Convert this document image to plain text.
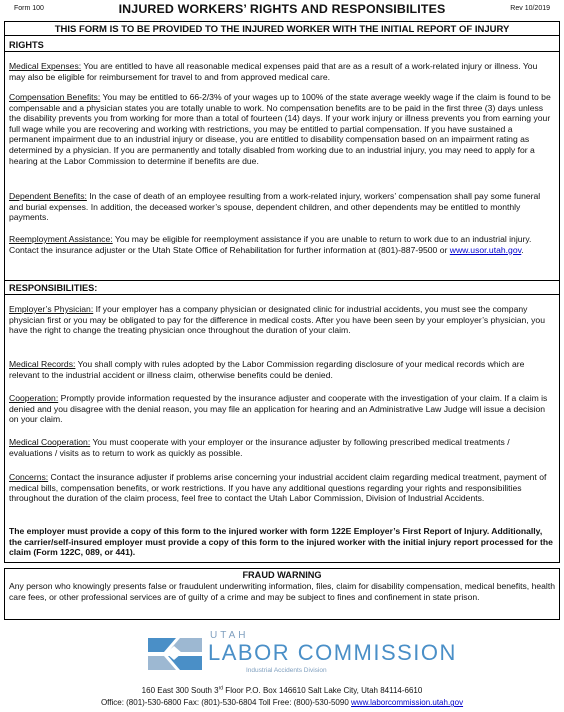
Form 100	INJURED WORKERS’ RIGHTS AND RESPONSIBILITES	Rev 10/2019
THIS FORM IS TO BE PROVIDED TO THE INJURED WORKER WITH THE INITIAL REPORT OF INJURY
RIGHTS

Medical Expenses: You are entitled to have all reasonable medical expenses paid that are as a result of a work-related injury or illness. You may also be eligible for reimbursement for travel to and from approved medical care.

Compensation Benefits: You may be entitled to 66-2/3% of your wages up to 100% of the state average weekly wage if the claim is found to be compensable and a physician states you are totally unable to work. No compensation benefits are to be paid in the first three (3) days unless the disability prevents you from working for more than a total of fourteen (14) days. If your work injury or illness prevents you from earning your full wage while you are recovering and working with restrictions, you may be entitled to partial compensation. If you have sustained a permanent impairment due to an industrial injury or disease, you are entitled to disability compensation based on an impairment rating as determined by a physician. If you are permanently and totally disabled from working due to an industrial injury, you may need to apply for a hearing at the Labor Commission to determine if benefits are due.

Dependent Benefits: In the case of death of an employee resulting from a work-related injury, workers’ compensation shall pay some funeral and burial expenses. In addition, the deceased worker’s spouse, dependent children, and other dependents may be entitled to monthly payments.

Reemployment Assistance: You may be eligible for reemployment assistance if you are unable to return to work due to an industrial injury. Contact the insurance adjuster or the Utah State Office of Rehabilitation for further information at (801)-887-9500 or www.usor.utah.gov.

RESPONSIBILITIES:

Employer’s Physician: If your employer has a company physician or designated clinic for industrial accidents, you must see the company physician first or you may be obligated to pay for the difference in medical costs. After you have been seen by your employer’s physician, you have the right to change the treating physician once throughout the duration of your claim.

Medical Records: You shall comply with rules adopted by the Labor Commission regarding disclosure of your medical records which are relevant to the industrial accident or illness claim, otherwise benefits could be denied.

Cooperation: Promptly provide information requested by the insurance adjuster and cooperate with the investigation of your claim. If a claim is denied and you disagree with the denial reason, you may file an application for hearing and an Administrative Law Judge will issue a decision on your claim.

Medical Cooperation: You must cooperate with your employer or the insurance adjuster by following prescribed medical treatments / evaluations / visits as to return to work as quickly as possible.

Concerns: Contact the insurance adjuster if problems arise concerning your industrial accident claim regarding medical treatment, payment of medical bills, compensation benefits, or work restrictions. If you have any additional questions regarding your rights and responsibilities throughout the duration of the claim process, feel free to contact the Utah Labor Commission, Division of Industrial Accidents.

The employer must provide a copy of this form to the injured worker with form 122E Employer’s First Report of Injury. Additionally, the carrier/self-insured employer must provide a copy of this form to the injured worker with the initial injury report processed for the claim (Form 122C, 089, or 441).

FRAUD WARNING

Any person who knowingly presents false or fraudulent underwriting information, files, claim for disability compensation, medical benefits, health care fees, or other professional services are of guilty of a crime and may be subject to fines and confinement in state prison.

UTAH
LABOR COMMISSION
Industrial Accidents Division
160 East 300 South 3rd Floor P.O. Box 146610 Salt Lake City, Utah 84114-6610
Office: (801)-530-6800 Fax: (801)-530-6804 Toll Free: (800)-530-5090 www.laborcommission.utah.gov
